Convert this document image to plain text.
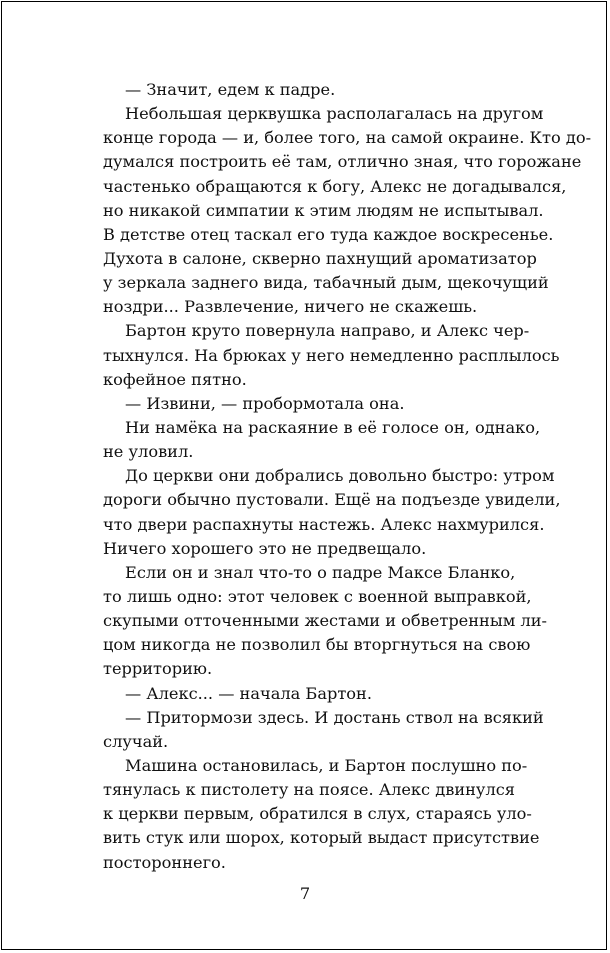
— Значит, едем к падре.
Небольшая церквушка располагалась на другом
конце города — и, более того, на самой окраине. Кто до-
думался построить её там, отлично зная, что горожане
частенько обращаются к богу, Алекс не догадывался,
но никакой симпатии к этим людям не испытывал.
В детстве отец таскал его туда каждое воскресенье.
Духота в салоне, скверно пахнущий ароматизатор
у зеркала заднего вида, табачный дым, щекочущий
ноздри... Развлечение, ничего не скажешь.
Бартон круто повернула направо, и Алекс чер-
тыхнулся. На брюках у него немедленно расплылось
кофейное пятно.
— Извини, — пробормотала она.
Ни намёка на раскаяние в её голосе он, однако,
не уловил.
До церкви они добрались довольно быстро: утром
дороги обычно пустовали. Ещё на подъезде увидели,
что двери распахнуты настежь. Алекс нахмурился.
Ничего хорошего это не предвещало.
Если он и знал что-то о падре Максе Бланко,
то лишь одно: этот человек с военной выправкой,
скупыми отточенными жестами и обветренным ли-
цом никогда не позволил бы вторгнуться на свою
территорию.
— Алекс... — начала Бартон.
— Притормози здесь. И достань ствол на всякий
случай.
Машина остановилась, и Бартон послушно по-
тянулась к пистолету на поясе. Алекс двинулся
к церкви первым, обратился в слух, стараясь уло-
вить стук или шорох, который выдаст присутствие
постороннего.
7
